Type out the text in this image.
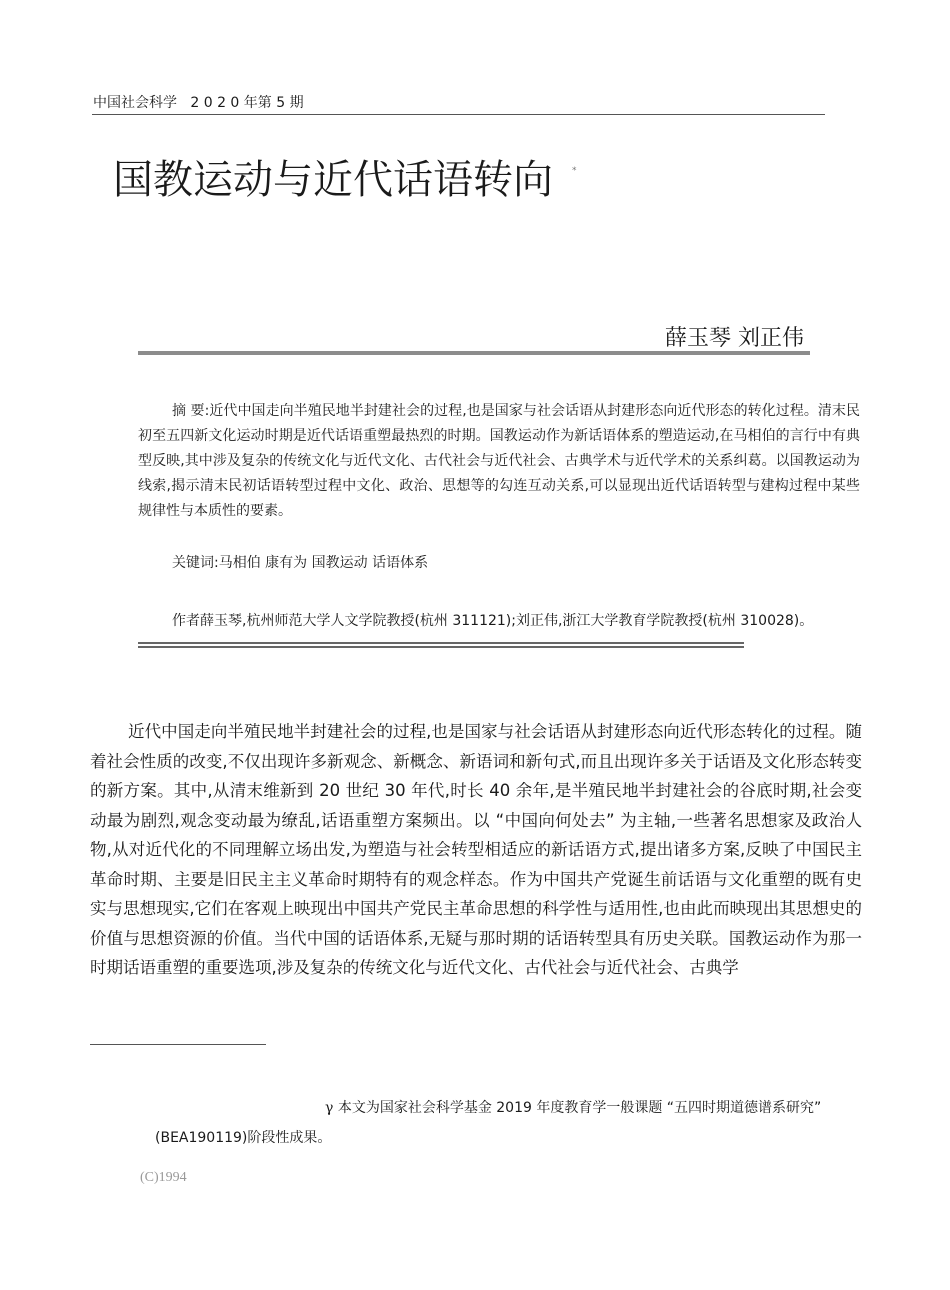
中国社会科学   2 0 2 0 年第 5 期
国教运动与近代话语转向 *
薛玉琴 刘正伟

摘 要:近代中国走向半殖民地半封建社会的过程,也是国家与社会话语从封建形态向近代形态的转化过程。清末民初至五四新文化运动时期是近代话语重塑最热烈的时期。国教运动作为新话语体系的塑造运动,在马相伯的言行中有典型反映,其中涉及复杂的传统文化与近代文化、古代社会与近代社会、古典学术与近代学术的关系纠葛。以国教运动为线索,揭示清末民初话语转型过程中文化、政治、思想等的勾连互动关系,可以显现出近代话语转型与建构过程中某些规律性与本质性的要素。

关键词:马相伯 康有为 国教运动 话语体系
作者薛玉琴,杭州师范大学人文学院教授(杭州 311121);刘正伟,浙江大学教育学院教授(杭州 310028)。

近代中国走向半殖民地半封建社会的过程,也是国家与社会话语从封建形态向近代形态转化的过程。随着社会性质的改变,不仅出现许多新观念、新概念、新语词和新句式,而且出现许多关于话语及文化形态转变的新方案。其中,从清末维新到 20 世纪 30 年代,时长 40 余年,是半殖民地半封建社会的谷底时期,社会变动最为剧烈,观念变动最为缭乱,话语重塑方案频出。以 “中国向何处去” 为主轴,一些著名思想家及政治人物,从对近代化的不同理解立场出发,为塑造与社会转型相适应的新话语方式,提出诸多方案,反映了中国民主革命时期、主要是旧民主主义革命时期特有的观念样态。作为中国共产党诞生前话语与文化重塑的既有史实与思想现实,它们在客观上映现出中国共产党民主革命思想的科学性与适用性,也由此而映现出其思想史的价值与思想资源的价值。当代中国的话语体系,无疑与那时期的话语转型具有历史关联。国教运动作为那一时期话语重塑的重要选项,涉及复杂的传统文化与近代文化、古代社会与近代社会、古典学

γ 本文为国家社会科学基金 2019 年度教育学一般课题 “五四时期道德谱系研究”
(BEA190119)阶段性成果。
(C)1994
